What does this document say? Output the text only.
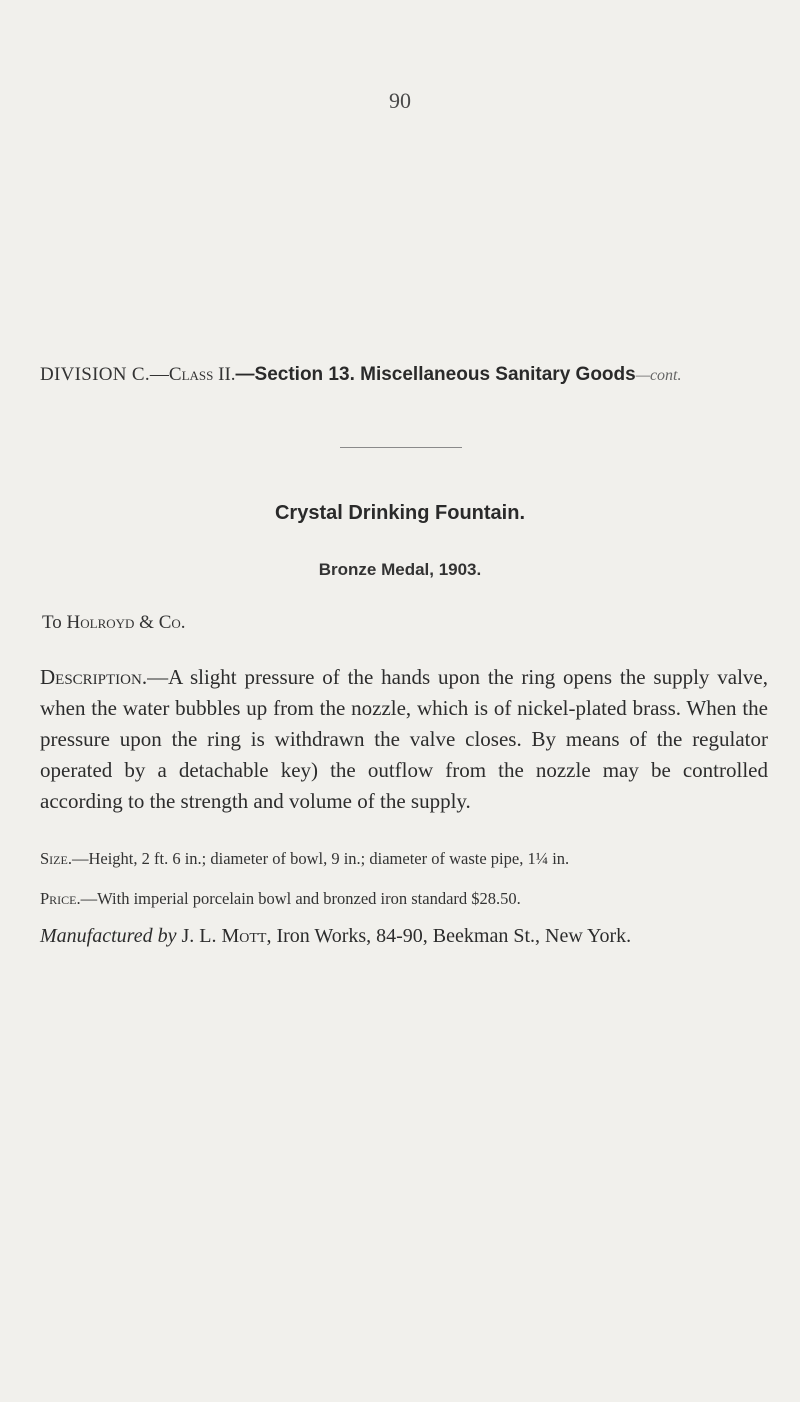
90
DIVISION C.—Class II.—Section 13. Miscellaneous Sanitary Goods—cont.
Crystal Drinking Fountain.
Bronze Medal, 1903.
To Holroyd & Co.
Description.—A slight pressure of the hands upon the ring opens the supply valve, when the water bubbles up from the nozzle, which is of nickel-plated brass. When the pressure upon the ring is withdrawn the valve closes. By means of the regulator operated by a detachable key) the outflow from the nozzle may be controlled according to the strength and volume of the supply.
Size.—Height, 2 ft. 6 in.; diameter of bowl, 9 in.; diameter of waste pipe, 1¼ in.
Price.—With imperial porcelain bowl and bronzed iron standard $28.50.
Manufactured by J. L. Mott, Iron Works, 84-90, Beekman St., New York.
